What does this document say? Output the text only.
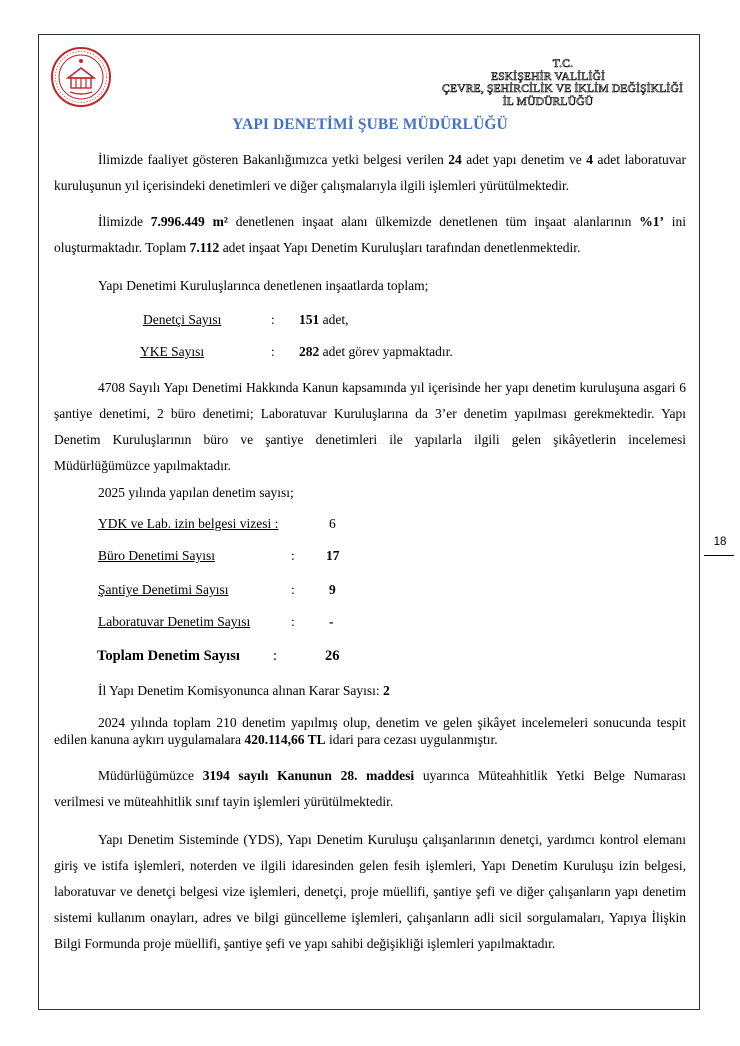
T.C.
ESKİŞEHİR VALİLİĞİ
ÇEVRE, ŞEHİRCİLİK VE İKLİM DEĞİŞİKLİĞİ
İL MÜDÜRLÜĞÜ
YAPI DENETİMİ ŞUBE MÜDÜRLÜĞÜ
İlimizde faaliyet gösteren Bakanlığımızca yetki belgesi verilen 24 adet yapı denetim ve 4 adet laboratuvar kuruluşunun yıl içerisindeki denetimleri ve diğer çalışmalarıyla ilgili işlemleri yürütülmektedir.
İlimizde 7.996.449 m² denetlenen inşaat alanı ülkemizde denetlenen tüm inşaat alanlarının %1’ ini oluşturmaktadır. Toplam 7.112 adet inşaat Yapı Denetim Kuruluşları tarafından denetlenmektedir.
Yapı Denetimi Kuruluşlarınca denetlenen inşaatlarda toplam;
Denetçi Sayısı	: 151 adet,
YKE Sayısı	: 282 adet görev yapmaktadır.
4708 Sayılı Yapı Denetimi Hakkında Kanun kapsamında yıl içerisinde her yapı denetim kuruluşuna asgari 6 şantiye denetimi, 2 büro denetimi; Laboratuvar Kuruluşlarına da 3’er denetim yapılması gerekmektedir. Yapı Denetim Kuruluşlarının büro ve şantiye denetimleri ile yapılarla ilgili gelen şikâyetlerin incelemesi Müdürlüğümüzce yapılmaktadır.
2025 yılında yapılan denetim sayısı;
YDK ve Lab. izin belgesi vizesi :	6
Büro Denetimi Sayısı	: 17
Şantiye Denetimi Sayısı	:	9
Laboratuvar Denetim Sayısı	:	-
Toplam Denetim Sayısı :	26
İl Yapı Denetim Komisyonunca alınan Karar Sayısı: 2
2024 yılında toplam 210 denetim yapılmış olup, denetim ve gelen şikâyet incelemeleri sonucunda tespit edilen kanuna aykırı uygulamalara 420.114,66 TL idari para cezası uygulanmıştır.
Müdürlüğümüzce 3194 sayılı Kanunun 28. maddesi uyarınca Müteahhitlik Yetki Belge Numarası verilmesi ve müteahhitlik sınıf tayin işlemleri yürütülmektedir.
Yapı Denetim Sisteminde (YDS), Yapı Denetim Kuruluşu çalışanlarının denetçi, yardımcı kontrol elemanı giriş ve istifa işlemleri, noterden ve ilgili idaresinden gelen fesih işlemleri, Yapı Denetim Kuruluşu izin belgesi, laboratuvar ve denetçi belgesi vize işlemleri, denetçi, proje müellifi, şantiye şefi ve diğer çalışanların yapı denetim sistemi kullanım onayları, adres ve bilgi güncelleme işlemleri, çalışanların adli sicil sorgulamaları, Yapıya İlişkin Bilgi Formunda proje müellifi, şantiye şefi ve yapı sahibi değişikliği işlemleri yapılmaktadır.
18
